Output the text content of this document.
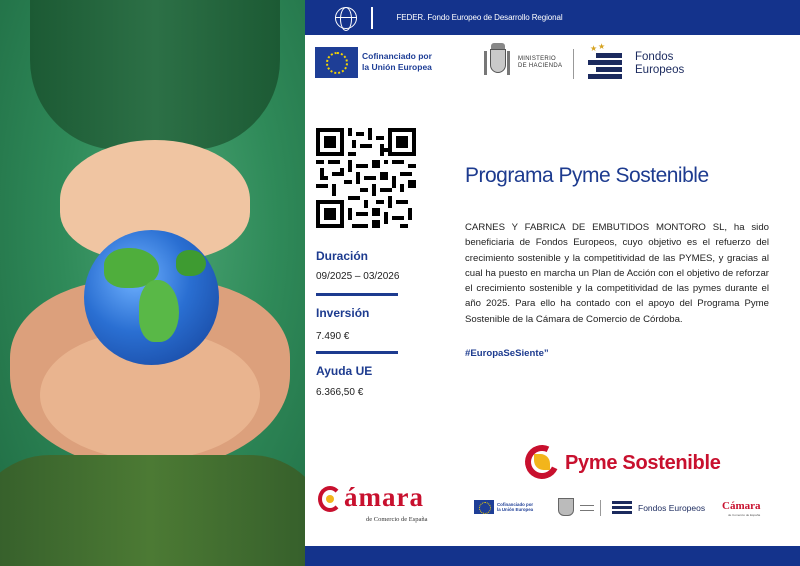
FEDER. Fondo Europeo de Desarrollo Regional
Cofinanciado por
la Unión Europea
MINISTERIO
DE HACIENDA
★ ★
Fondos
Europeos
Duración
09/2025 – 03/2026
Inversión
7.490 €
Ayuda UE
6.366,50 €
Programa Pyme Sostenible
CARNES Y FABRICA DE EMBUTIDOS MONTORO SL, ha sido beneficiaria de Fondos Europeos, cuyo objetivo es el refuerzo del crecimiento sostenible y la competitividad de las PYMES, y gracias al cual ha puesto en marcha un Plan de Acción con el objetivo de reforzar el crecimiento sostenible y la competitividad de las pymes durante el año 2025. Para ello ha contado con el apoyo del Programa Pyme Sostenible de la Cámara de Comercio de Córdoba.
#EuropaSeSiente”
Pyme Sostenible
ámara
de Comercio de España
Cofinanciado por
la Unión Europea	Fondos Europeos Cámara
de Comercio de España
